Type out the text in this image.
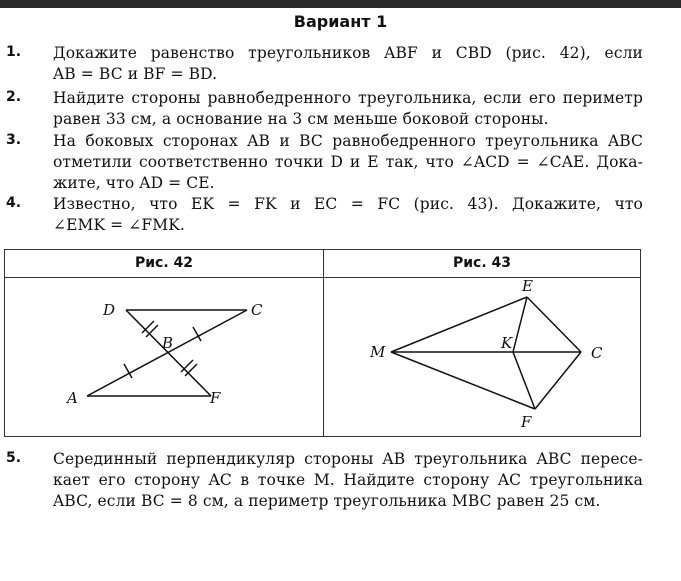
Вариант 1
1. Докажите равенство треугольников ABF и CBD (рис. 42), если
AB = BC и BF = BD.
2. Найдите стороны равнобедренного треугольника, если его периметр
равен 33 см, а основание на 3 см меньше боковой стороны.
3. На боковых сторонах AB и BC равнобедренного треугольника ABC
отметили соответственно точки D и E так, что ∠ACD = ∠CAE. Дока-
жите, что AD = CE.
4. Известно, что EK = FK и EC = FC (рис. 43). Докажите, что
∠EMK = ∠FMK.
Рис. 42	Рис. 43
D	C
B
A	F
E
M	K
C
F
5. Серединный перпендикуляр стороны AB треугольника ABC пересе-
кает его сторону AC в точке M. Найдите сторону AC треугольника
ABC, если BC = 8 см, а периметр треугольника MBC равен 25 см.
